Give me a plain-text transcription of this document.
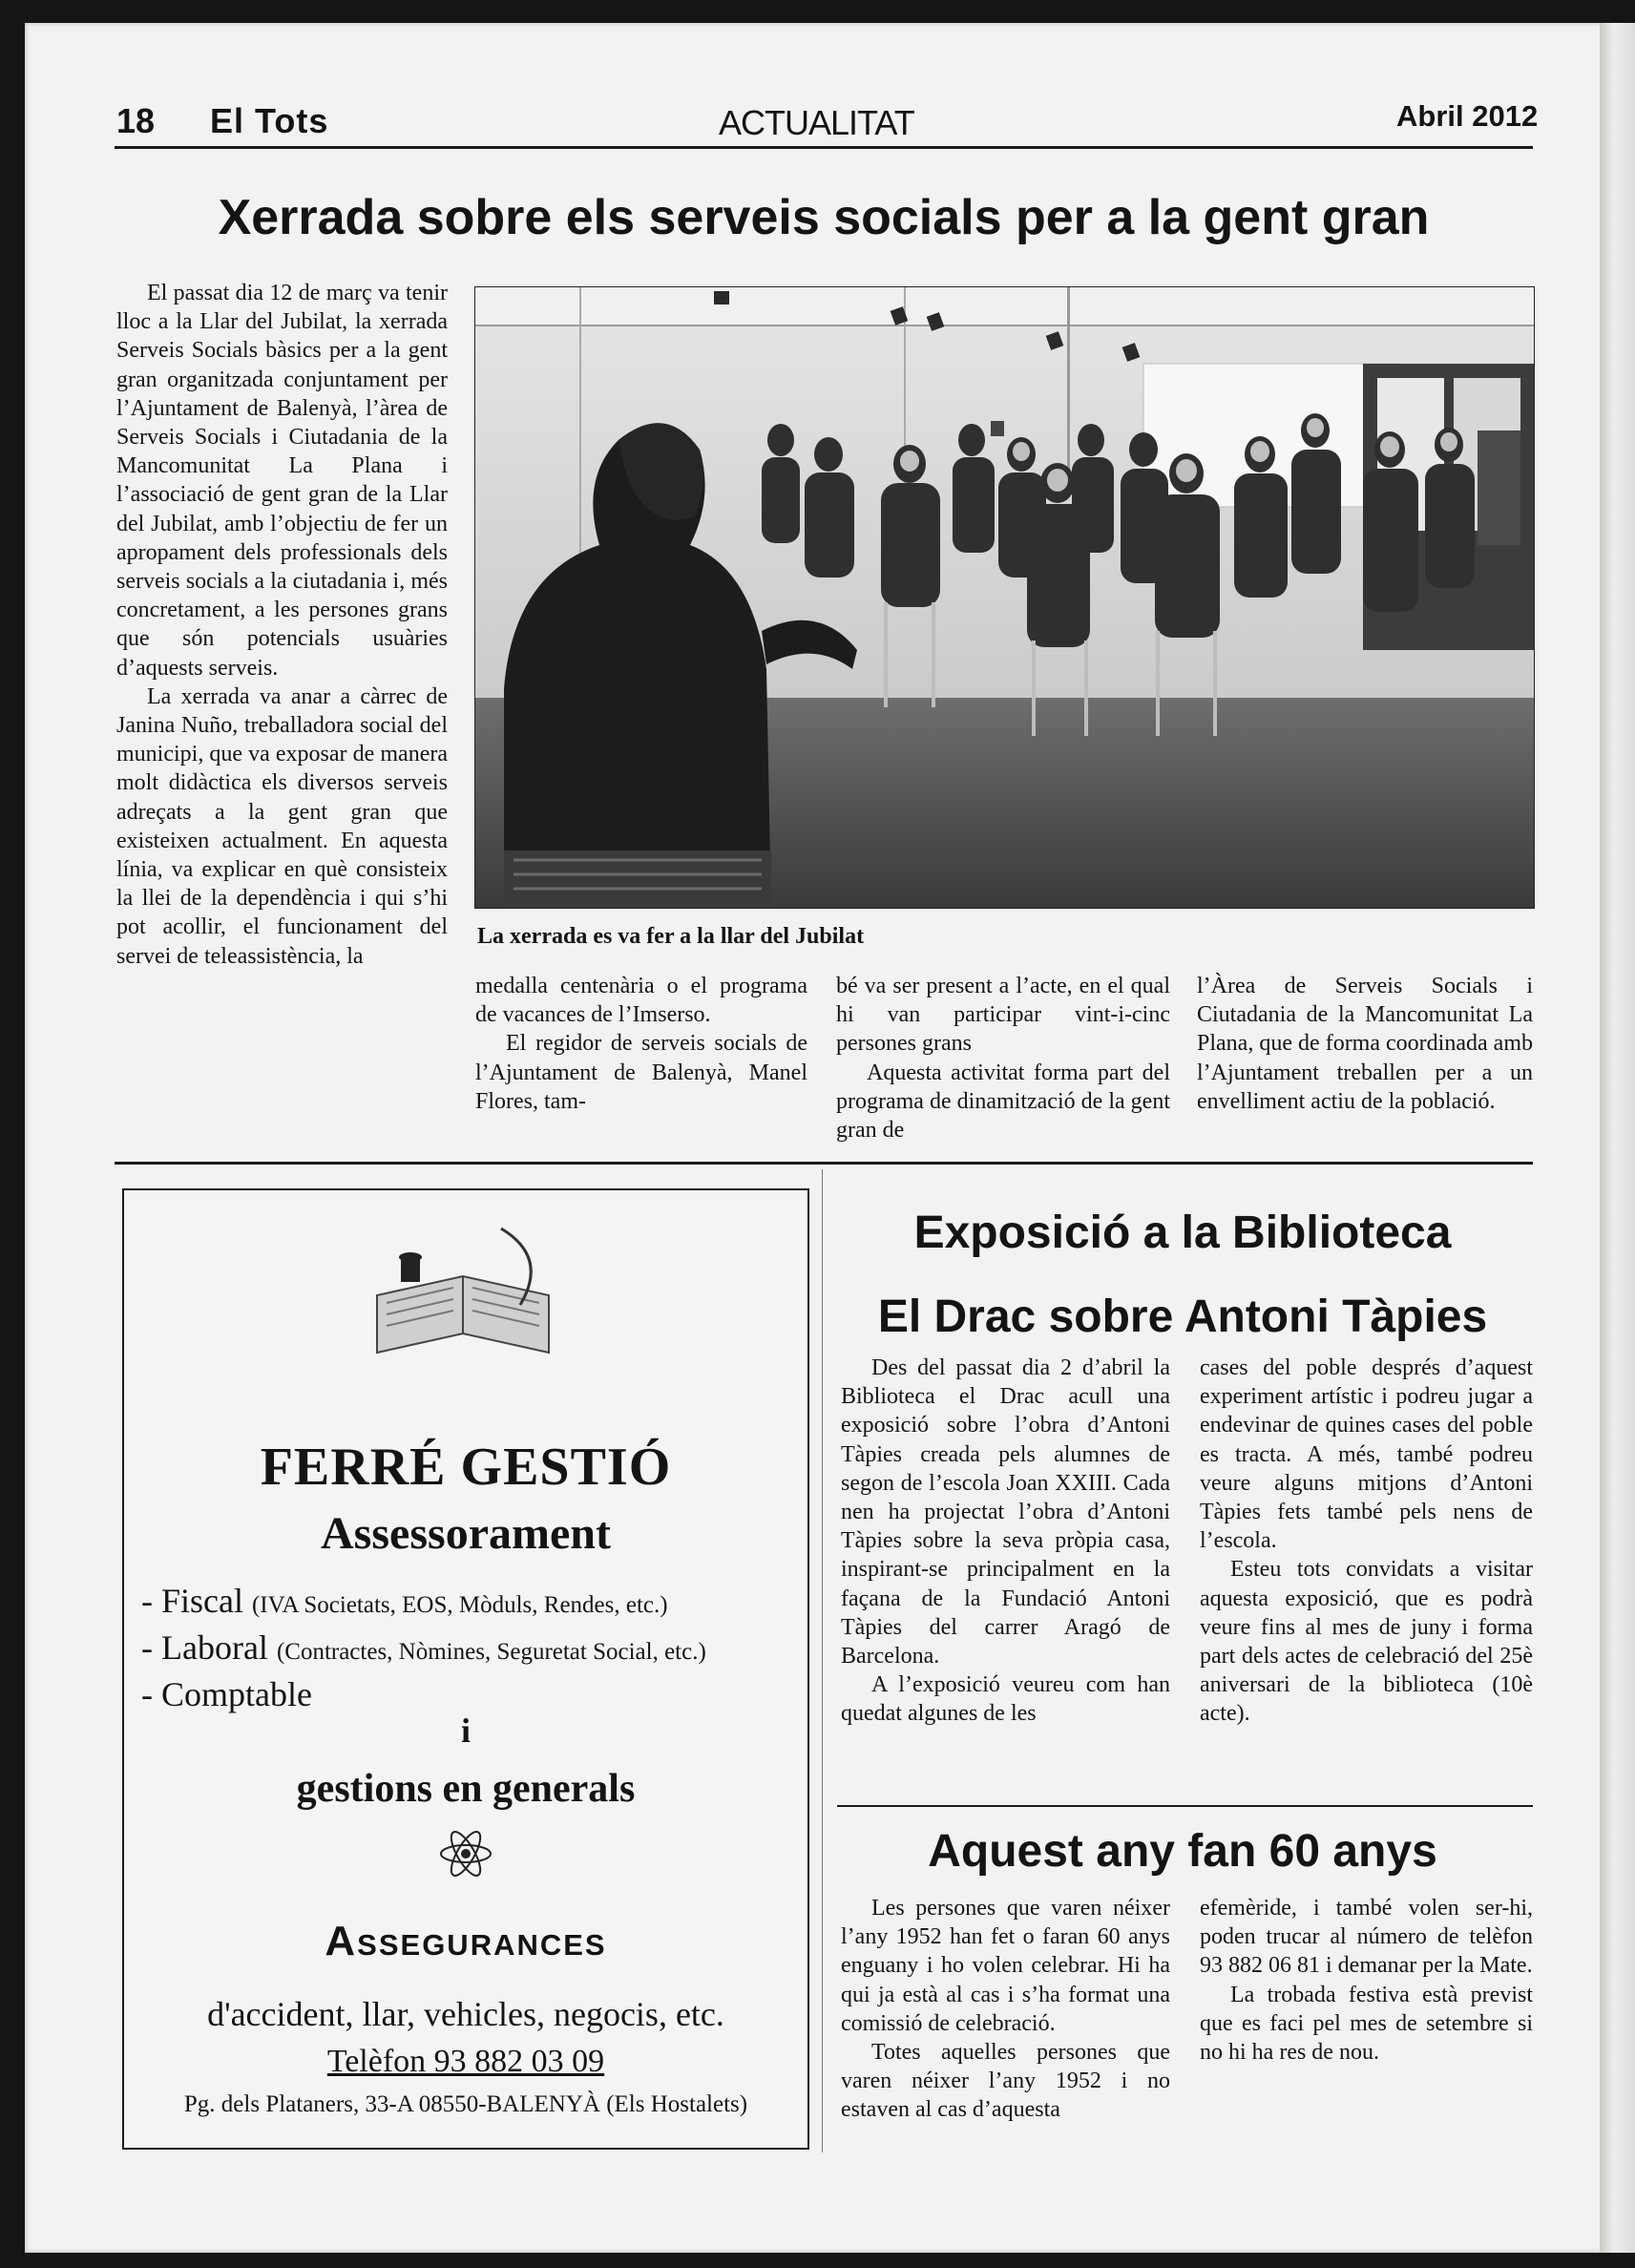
18 El Tots	ACTUALITAT	Abril 2012
Xerrada sobre els serveis socials per a la gent gran

El passat dia 12 de març va tenir lloc a la Llar del Jubilat, la xerrada Serveis Socials bàsics per a la gent gran organitzada conjuntament per l’Ajuntament de Balenyà, l’àrea de Serveis Socials i Ciutadania de la Mancomunitat La Plana i l’associació de gent gran de la Llar del Jubilat, amb l’objectiu de fer un apropament dels professionals dels serveis socials a la ciutadania i, més concretament, a les persones grans que són potencials usuàries d’aquests serveis.

La xerrada va anar a càrrec de Janina Nuño, treballadora social del municipi, que va exposar de manera molt didàctica els diversos serveis adreçats a la gent gran que existeixen actualment. En aquesta línia, va explicar en què consisteix la llei de la dependència i qui s’hi pot acollir, el funcionament del servei de teleassistència, la

La xerrada es va fer a la llar del Jubilat

medalla centenària o el programa de vacances de l’Imserso.

El regidor de serveis socials de l’Ajuntament de Balenyà, Manel Flores, tam-

bé va ser present a l’acte, en el qual hi van participar vint-i-cinc persones grans

Aquesta activitat forma part del programa de dinamització de la gent gran de

l’Àrea de Serveis Socials i Ciutadania de la Mancomunitat La Plana, que de forma coordinada amb l’Ajuntament treballen per a un envelliment actiu de la població.

FERRÉ GESTIÓ
Assessorament
- Fiscal (IVA Societats, EOS, Mòduls, Rendes, etc.)
- Laboral (Contractes, Nòmines, Seguretat Social, etc.)
- Comptable
i
gestions en generals
Assegurances
d'accident, llar, vehicles, negocis, etc.
Telèfon 93 882 03 09
Pg. dels Plataners, 33-A 08550-BALENYÀ (Els Hostalets)
Exposició a la Biblioteca
El Drac sobre Antoni Tàpies

Des del passat dia 2 d’abril la Biblioteca el Drac acull una exposició sobre l’obra d’Antoni Tàpies creada pels alumnes de segon de l’escola Joan XXIII. Cada nen ha projectat l’obra d’Antoni Tàpies sobre la seva pròpia casa, inspirant-se principalment en la façana de la Fundació Antoni Tàpies del carrer Aragó de Barcelona.

A l’exposició veureu com han quedat algunes de les

cases del poble després d’aquest experiment artístic i podreu jugar a endevinar de quines cases del poble es tracta. A més, també podreu veure alguns mitjons d’Antoni Tàpies fets també pels nens de l’escola.

Esteu tots convidats a visitar aquesta exposició, que es podrà veure fins al mes de juny i forma part dels actes de celebració del 25è aniversari de la biblioteca (10è acte).

Aquest any fan 60 anys

Les persones que varen néixer l’any 1952 han fet o faran 60 anys enguany i ho volen celebrar. Hi ha qui ja està al cas i s’ha format una comissió de celebració.

Totes aquelles persones que varen néixer l’any 1952 i no estaven al cas d’aquesta

efemèride, i també volen ser-hi, poden trucar al número de telèfon 93 882 06 81 i demanar per la Mate.

La trobada festiva està previst que es faci pel mes de setembre si no hi ha res de nou.
